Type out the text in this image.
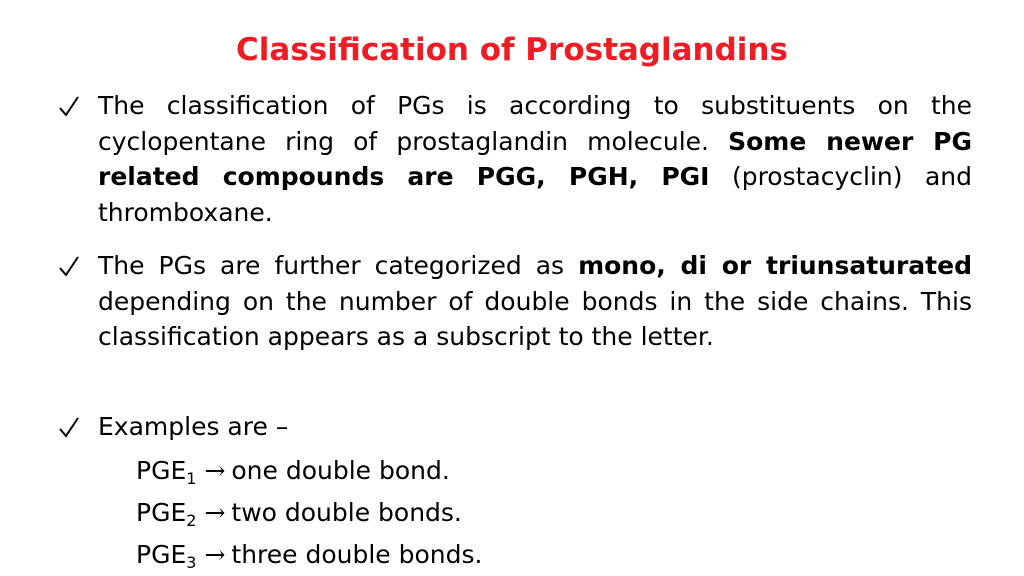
Classification of Prostaglandins
The classification of PGs is according to substituents on the cyclopentane ring of prostaglandin molecule. Some newer PG related compounds are PGG, PGH, PGI (prostacyclin) and thromboxane.
The PGs are further categorized as mono, di or triunsaturated depending on the number of double bonds in the side chains. This classification appears as a subscript to the letter.
Examples are –
$PGE_1$ → one double bond.
$PGE_2$ → two double bonds.
$PGE_3$ → three double bonds.
